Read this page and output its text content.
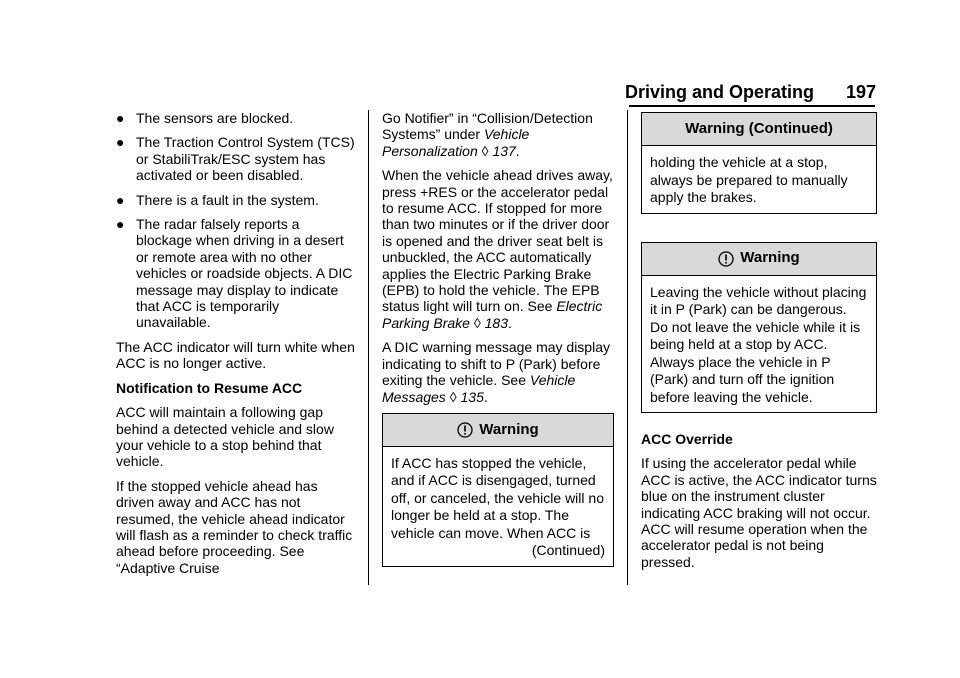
Driving and Operating 197
● The sensors are blocked.
● The Traction Control System (TCS) or StabiliTrak/ESC system has activated or been disabled.
● There is a fault in the system.
● The radar falsely reports a blockage when driving in a desert or remote area with no other vehicles or roadside objects. A DIC message may display to indicate that ACC is temporarily unavailable.

The ACC indicator will turn white when ACC is no longer active.

Notification to Resume ACC

ACC will maintain a following gap behind a detected vehicle and slow your vehicle to a stop behind that vehicle.

If the stopped vehicle ahead has driven away and ACC has not resumed, the vehicle ahead indicator will flash as a reminder to check traffic ahead before proceeding. See “Adaptive Cruise

Go Notifier” in “Collision/Detection Systems” under Vehicle Personalization ◊ 137.

When the vehicle ahead drives away, press +RES or the accelerator pedal to resume ACC. If stopped for more than two minutes or if the driver door is opened and the driver seat belt is unbuckled, the ACC automatically applies the Electric Parking Brake (EPB) to hold the vehicle. The EPB status light will turn on. See Electric Parking Brake ◊ 183.

A DIC warning message may display indicating to shift to P (Park) before exiting the vehicle. See Vehicle Messages ◊ 135.

Warning
If ACC has stopped the vehicle, and if ACC is disengaged, turned off, or canceled, the vehicle will no longer be held at a stop. The vehicle can move. When ACC is
(Continued)
Warning (Continued)
holding the vehicle at a stop, always be prepared to manually apply the brakes.
Warning
Leaving the vehicle without placing it in P (Park) can be dangerous. Do not leave the vehicle while it is being held at a stop by ACC. Always place the vehicle in P (Park) and turn off the ignition before leaving the vehicle.

ACC Override

If using the accelerator pedal while ACC is active, the ACC indicator turns blue on the instrument cluster indicating ACC braking will not occur. ACC will resume operation when the accelerator pedal is not being pressed.
